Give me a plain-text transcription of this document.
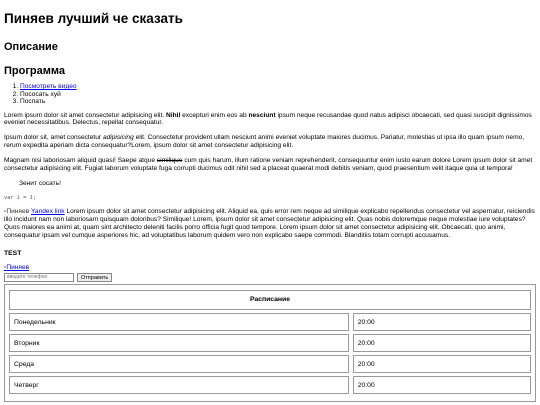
Пиняев лучший че сказать
Описание
Программа
1. Посмотреть видео
2. Пососать хуй
3. Поспать

Lorem ipsum dolor sit amet consectetur adipisicing elit. Nihil excepturi enim eos ab nesciunt ipsum neque recusandae quod natus adipisci obcaecati, sed quasi suscipit dignissimos eveniet necessitatibus. Delectus, repellat consequatur.

Ipsum dolor sit, amet consectetur adipisicing elit. Consectetur provident ullam nesciunt animi eveniet voluptate maiores ducimus. Pariatur, molestias ut ipsa illo quam ipsum nemo, rerum expedita aperiam dicta consequatur?Lorem, ipsum dolor sit amet consectetur adipisicing elit.

Magnam nisi laboriosam aliquid quasi! Saepe atque similique cum quis harum, illum ratione veniam reprehenderit, consequuntur enim iusto earum dolore Lorem ipsum dolor sit amet consectetur adipisicing elit. Fugiat laborum voluptate fuga corrupti ducimus odit nihil sed a placeat quaerat modi debitis veniam, quod praesentium velit itaque quia ut tempora!

Зенит сосать!
var i = 1;

▫Пиняев Yandex link Lorem ipsum dolor sit amet consectetur adipisicing elit. Aliquid ea, quis error rem neque ad similique explicabo repellendus consectetur vel aspernatur, reiciendis illo incidunt nam non laboriosam quisquam doloribus? Similique! Lorem, ipsum dolor sit amet consectetur adipisicing elit. Quas nobis doloremque neque molestiae iure voluptates? Quos maiores ea animi at, quam sint architecto deleniti facilis porro officia fugit quod tempore. Lorem ipsum dolor sit amet consectetur adipisicing elit. Obcaecati, quo animi, consequatur ipsam vel cumque asperiores hic, ad voluptatibus laborum quidem vero non explicabo saepe commodi. Blanditiis totam corrupti accusamus.

TEST
▫Пиняев
введите телефон
Отправить
Расписание
Понедельник	20:00
Вторник	20:00
Среда	20:00
Четверг	20:00
